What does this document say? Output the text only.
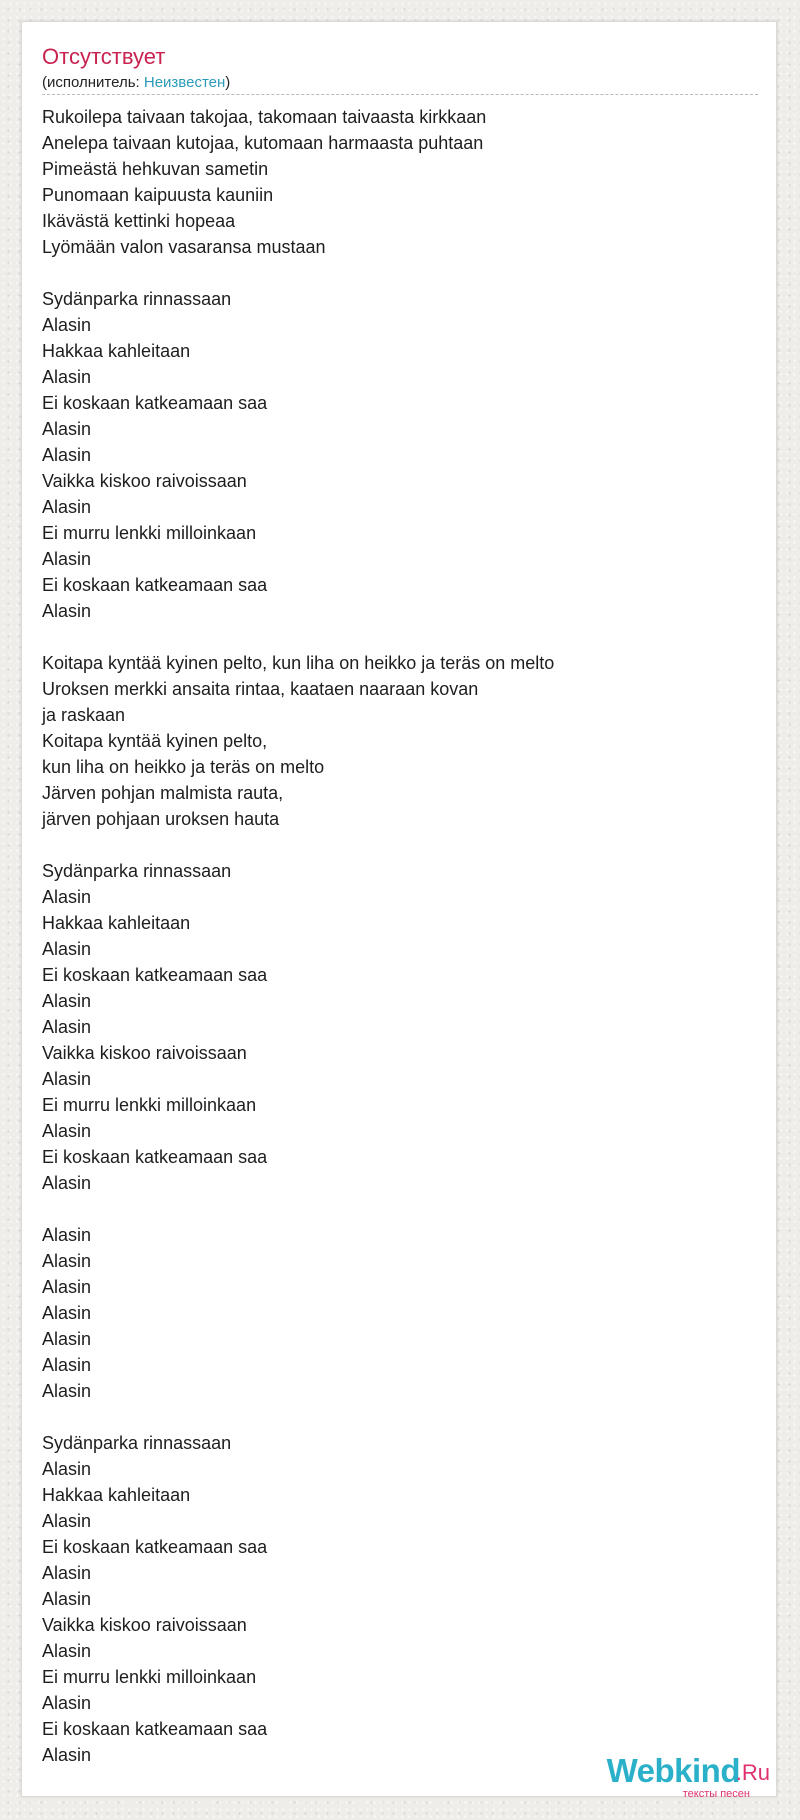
Отсутствует
(исполнитель: Неизвестен)
Rukoilepa taivaan takojaa, takomaan taivaasta kirkkaan
Anelepa taivaan kutojaa, kutomaan harmaasta puhtaan
Pimeästä hehkuvan sametin
Punomaan kaipuusta kauniin
Ikävästä kettinki hopeaa
Lyömään valon vasaransa mustaan
Sydänparka rinnassaan
Alasin
Hakkaa kahleitaan
Alasin
Ei koskaan katkeamaan saa
Alasin
Alasin
Vaikka kiskoo raivoissaan
Alasin
Ei murru lenkki milloinkaan
Alasin
Ei koskaan katkeamaan saa
Alasin
Koitapa kyntää kyinen pelto, kun liha on heikko ja teräs on melto
Uroksen merkki ansaita rintaa, kaataen naaraan kovan
ja raskaan
Koitapa kyntää kyinen pelto,
kun liha on heikko ja teräs on melto
Järven pohjan malmista rauta,
järven pohjaan uroksen hauta
Sydänparka rinnassaan
Alasin
Hakkaa kahleitaan
Alasin
Ei koskaan katkeamaan saa
Alasin
Alasin
Vaikka kiskoo raivoissaan
Alasin
Ei murru lenkki milloinkaan
Alasin
Ei koskaan katkeamaan saa
Alasin
Alasin
Alasin
Alasin
Alasin
Alasin
Alasin
Alasin
Sydänparka rinnassaan
Alasin
Hakkaa kahleitaan
Alasin
Ei koskaan katkeamaan saa
Alasin
Alasin
Vaikka kiskoo raivoissaan
Alasin
Ei murru lenkki milloinkaan
Alasin
Ei koskaan katkeamaan saa
Alasin	Webkind
.Ru
тексты песен
